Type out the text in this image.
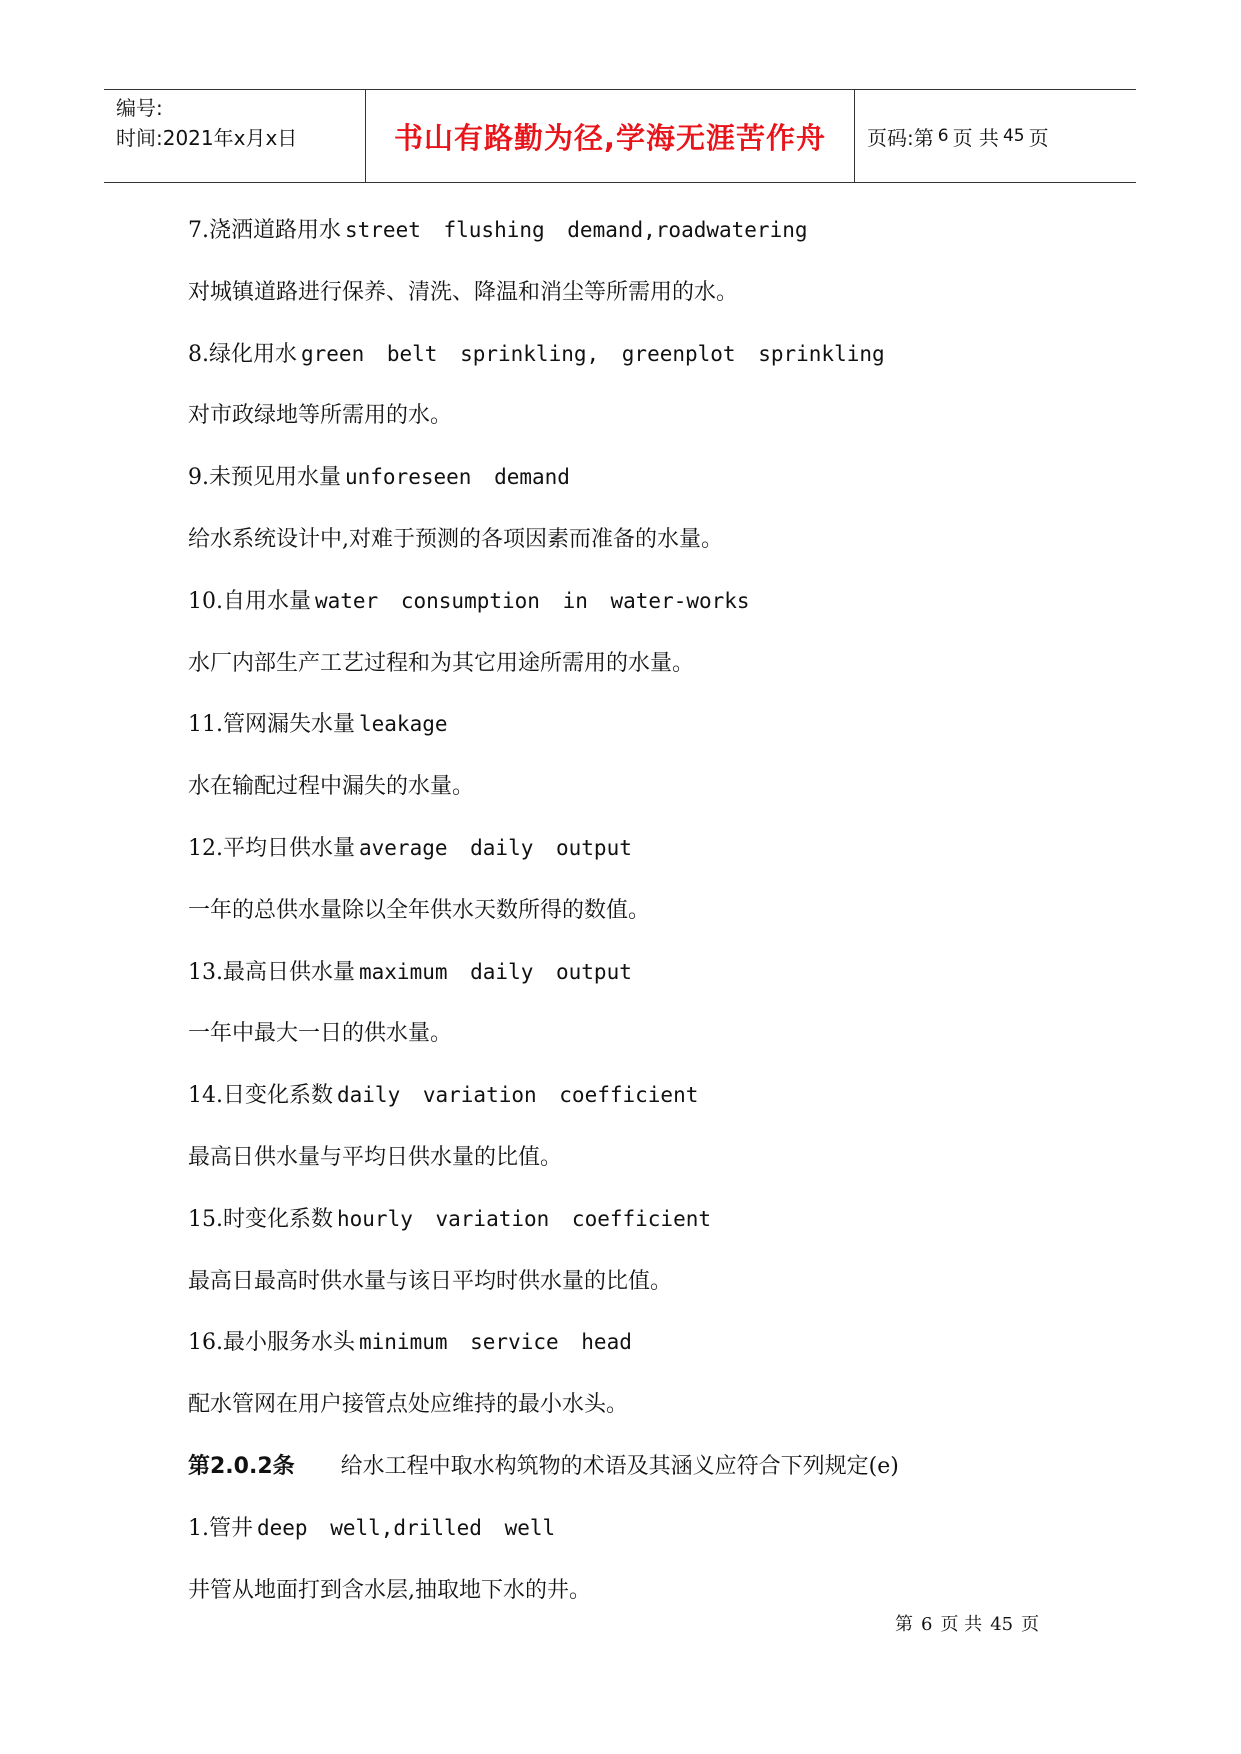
编号:
时间:2021年x月x日	书山有路勤为径,学海无涯苦作舟 页码:第 6 页 共 45 页
7.浇洒道路用水 street flushing demand,roadwatering
对城镇道路进行保养、清洗、降温和消尘等所需用的水。
8.绿化用水 green belt sprinkling, greenplot sprinkling
对市政绿地等所需用的水。
9.未预见用水量 unforeseen demand
给水系统设计中,对难于预测的各项因素而准备的水量。
10.自用水量 water consumption in water-works
水厂内部生产工艺过程和为其它用途所需用的水量。
11.管网漏失水量 leakage
水在输配过程中漏失的水量。
12.平均日供水量 average daily output
一年的总供水量除以全年供水天数所得的数值。
13.最高日供水量 maximum daily output
一年中最大一日的供水量。
14.日变化系数 daily variation coefficient
最高日供水量与平均日供水量的比值。
15.时变化系数 hourly variation coefficient
最高日最高时供水量与该日平均时供水量的比值。
16.最小服务水头 minimum service head
配水管网在用户接管点处应维持的最小水头。
第2.0.2条 给水工程中取水构筑物的术语及其涵义应符合下列规定(e)
1.管井 deep well,drilled well
井管从地面打到含水层,抽取地下水的井。
第 6 页 共 45 页
